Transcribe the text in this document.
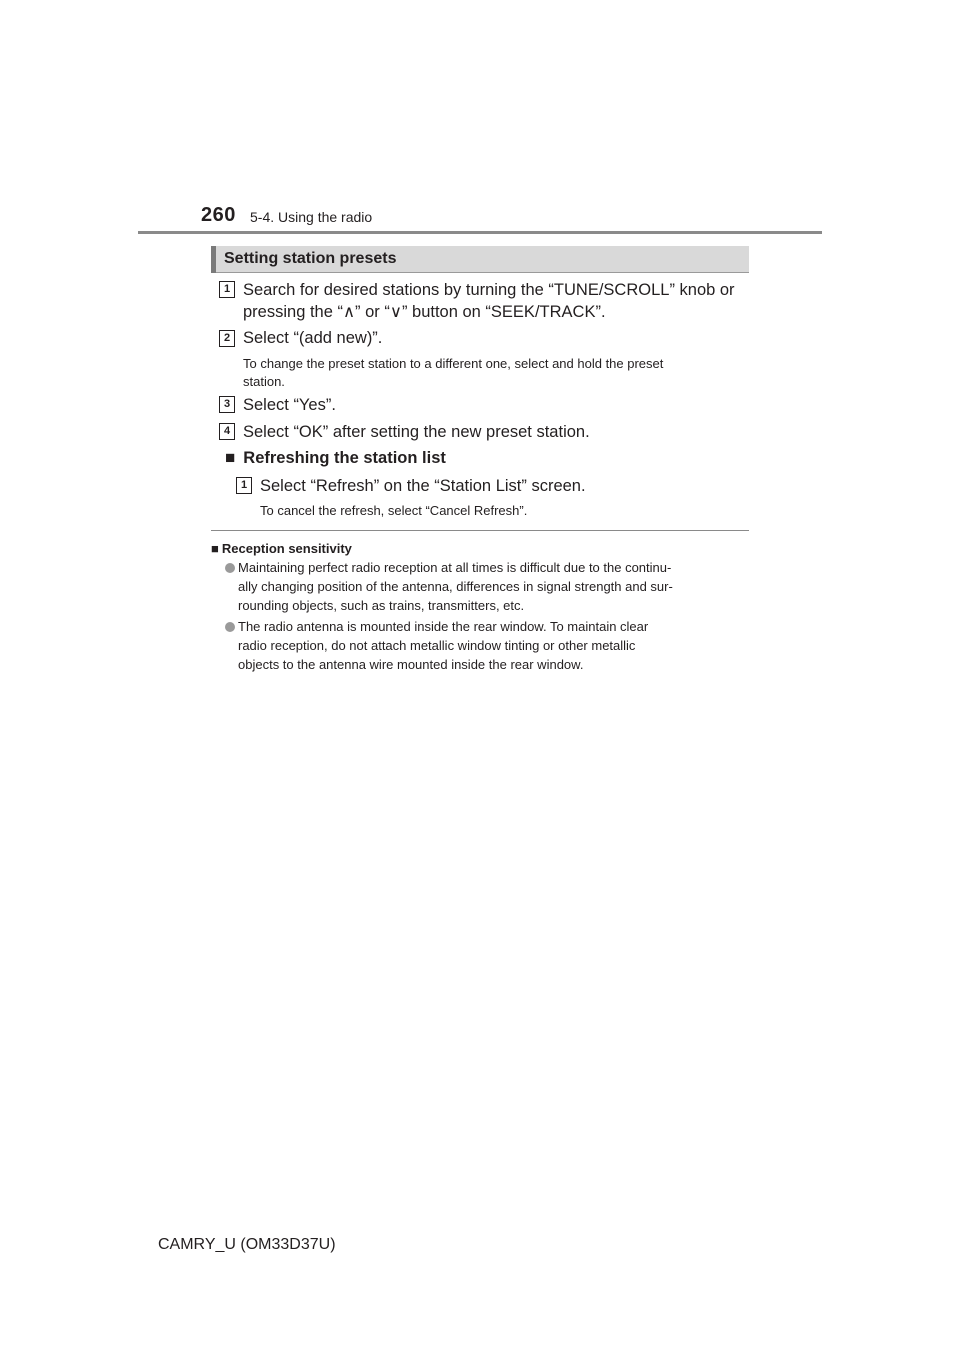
260 5-4. Using the radio
Setting station presets
1 Search for desired stations by turning the “TUNE/SCROLL” knob or
pressing the “∧” or “∨” button on “SEEK/TRACK”.
2 Select “(add new)”.
To change the preset station to a different one, select and hold the preset
station.
3 Select “Yes”.
4 Select “OK” after setting the new preset station.
■ Refreshing the station list
1 Select “Refresh” on the “Station List” screen.
To cancel the refresh, select “Cancel Refresh”.
■ Reception sensitivity
Maintaining perfect radio reception at all times is difficult due to the continu-
ally changing position of the antenna, differences in signal strength and sur-
rounding objects, such as trains, transmitters, etc.
The radio antenna is mounted inside the rear window. To maintain clear
radio reception, do not attach metallic window tinting or other metallic
objects to the antenna wire mounted inside the rear window.
CAMRY_U (OM33D37U)
